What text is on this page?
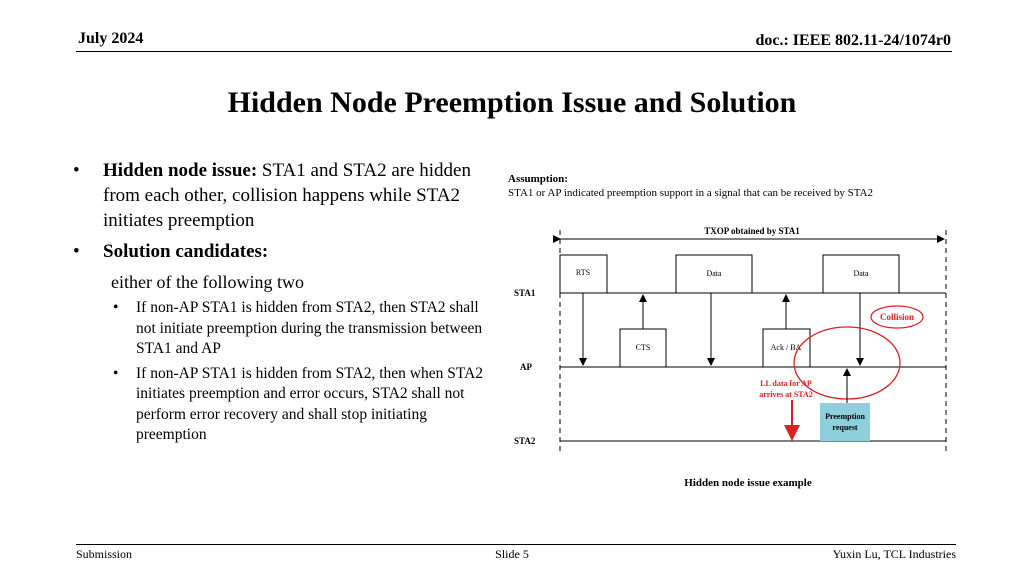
July 2024	doc.: IEEE 802.11-24/1074r0
Hidden Node Preemption Issue and Solution
• Hidden node issue: STA1 and STA2 are hidden from each other, collision happens while STA2 initiates preemption
• Solution candidates:
either of the following two
• If non-AP STA1 is hidden from STA2, then STA2 shall not initiate preemption during the transmission between STA1 and AP
• If non-AP STA1 is hidden from STA2, then when STA2 initiates preemption and error occurs, STA2 shall not perform error recovery and shall stop initiating preemption
Assumption:
STA1 or AP indicated preemption support in a signal that can be received by STA2
TXOP obtained by STA1
STA1
AP
STA2
RTS	Data	Data
CTS	Ack / BA
Collision
LL data for AP
arrives at STA2
Preemption
request
Hidden node issue example
Submission	Slide 5	Yuxin Lu, TCL Industries
